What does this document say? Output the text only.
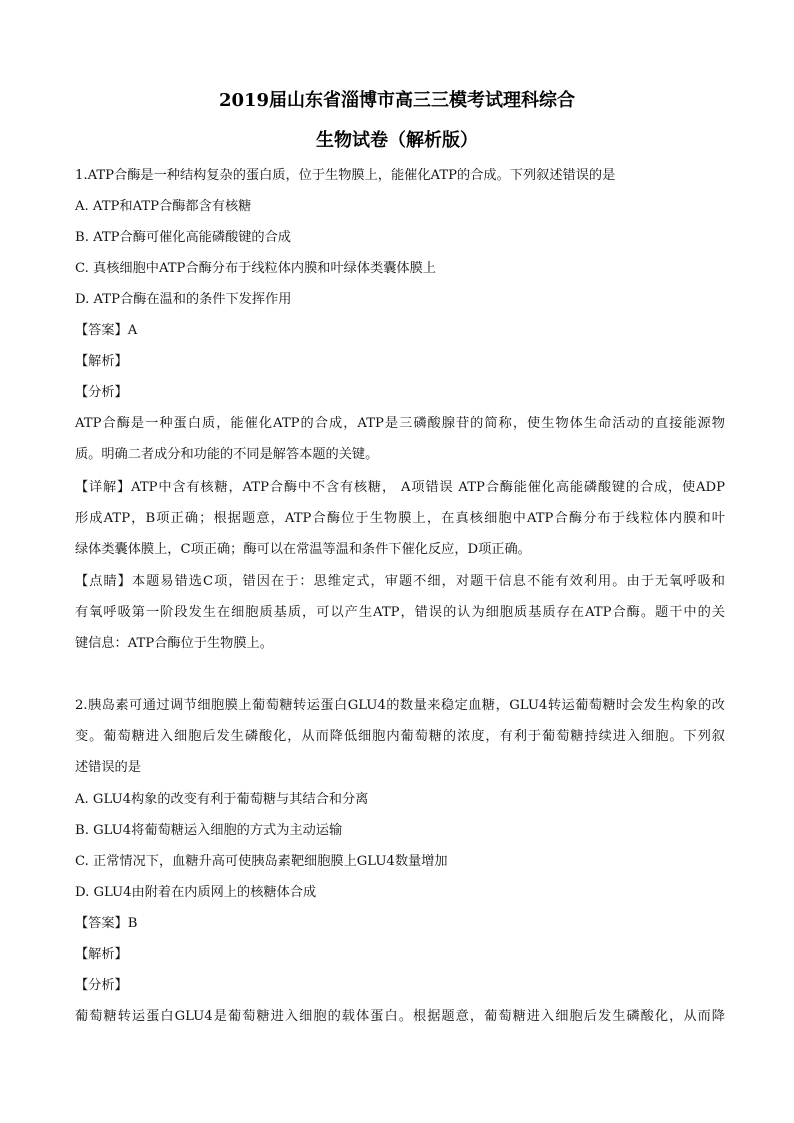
2019届山东省淄博市高三三模考试理科综合
生物试卷（解析版）
1.ATP合酶是一种结构复杂的蛋白质，位于生物膜上，能催化ATP的合成。下列叙述错误的是
A. ATP和ATP合酶都含有核糖
B. ATP合酶可催化高能磷酸键的合成
C. 真核细胞中ATP合酶分布于线粒体内膜和叶绿体类囊体膜上
D. ATP合酶在温和的条件下发挥作用
【答案】A
【解析】
【分析】
ATP合酶是一种蛋白质，能催化ATP的合成，ATP是三磷酸腺苷的简称，使生物体生命活动的直接能源物
质。明确二者成分和功能的不同是解答本题的关键。
【详解】ATP中含有核糖，ATP合酶中不含有核糖， A项错误 ATP合酶能催化高能磷酸键的合成，使ADP
形成ATP，B项正确；根据题意，ATP合酶位于生物膜上，在真核细胞中ATP合酶分布于线粒体内膜和叶
绿体类囊体膜上，C项正确；酶可以在常温等温和条件下催化反应，D项正确。
【点睛】本题易错选C项，错因在于：思维定式，审题不细，对题干信息不能有效利用。由于无氧呼吸和
有氧呼吸第一阶段发生在细胞质基质，可以产生ATP，错误的认为细胞质基质存在ATP合酶。题干中的关
键信息：ATP合酶位于生物膜上。
2.胰岛素可通过调节细胞膜上葡萄糖转运蛋白GLU4的数量来稳定血糖，GLU4转运葡萄糖时会发生构象的改
变。葡萄糖进入细胞后发生磷酸化，从而降低细胞内葡萄糖的浓度，有利于葡萄糖持续进入细胞。下列叙
述错误的是
A. GLU4构象的改变有利于葡萄糖与其结合和分离
B. GLU4将葡萄糖运入细胞的方式为主动运输
C. 正常情况下，血糖升高可使胰岛素靶细胞膜上GLU4数量增加
D. GLU4由附着在内质网上的核糖体合成
【答案】B
【解析】
【分析】
葡萄糖转运蛋白GLU4是葡萄糖进入细胞的载体蛋白。根据题意，葡萄糖进入细胞后发生磷酸化，从而降
